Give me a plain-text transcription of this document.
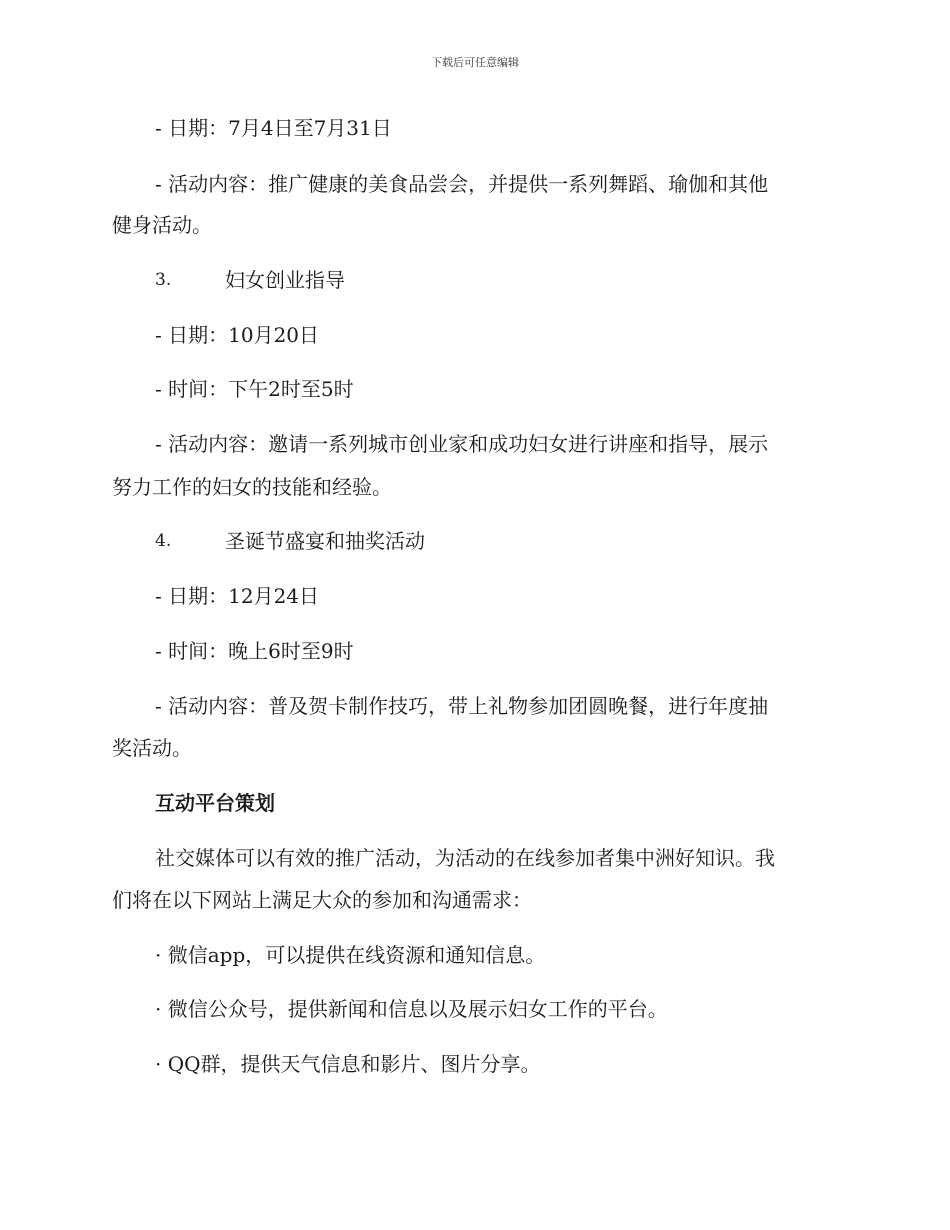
下载后可任意编辑
- 日期：7月4日至7月31日
- 活动内容：推广健康的美食品尝会，并提供一系列舞蹈、瑜伽和其他
健身活动。
3.	妇女创业指导
- 日期：10月20日
- 时间：下午2时至5时
- 活动内容：邀请一系列城市创业家和成功妇女进行讲座和指导，展示
努力工作的妇女的技能和经验。
4.	圣诞节盛宴和抽奖活动
- 日期：12月24日
- 时间：晚上6时至9时
- 活动内容：普及贺卡制作技巧，带上礼物参加团圆晚餐，进行年度抽
奖活动。
互动平台策划
社交媒体可以有效的推广活动，为活动的在线参加者集中洲好知识。我
们将在以下网站上满足大众的参加和沟通需求：
· 微信app，可以提供在线资源和通知信息。
· 微信公众号，提供新闻和信息以及展示妇女工作的平台。
· QQ群，提供天气信息和影片、图片分享。
